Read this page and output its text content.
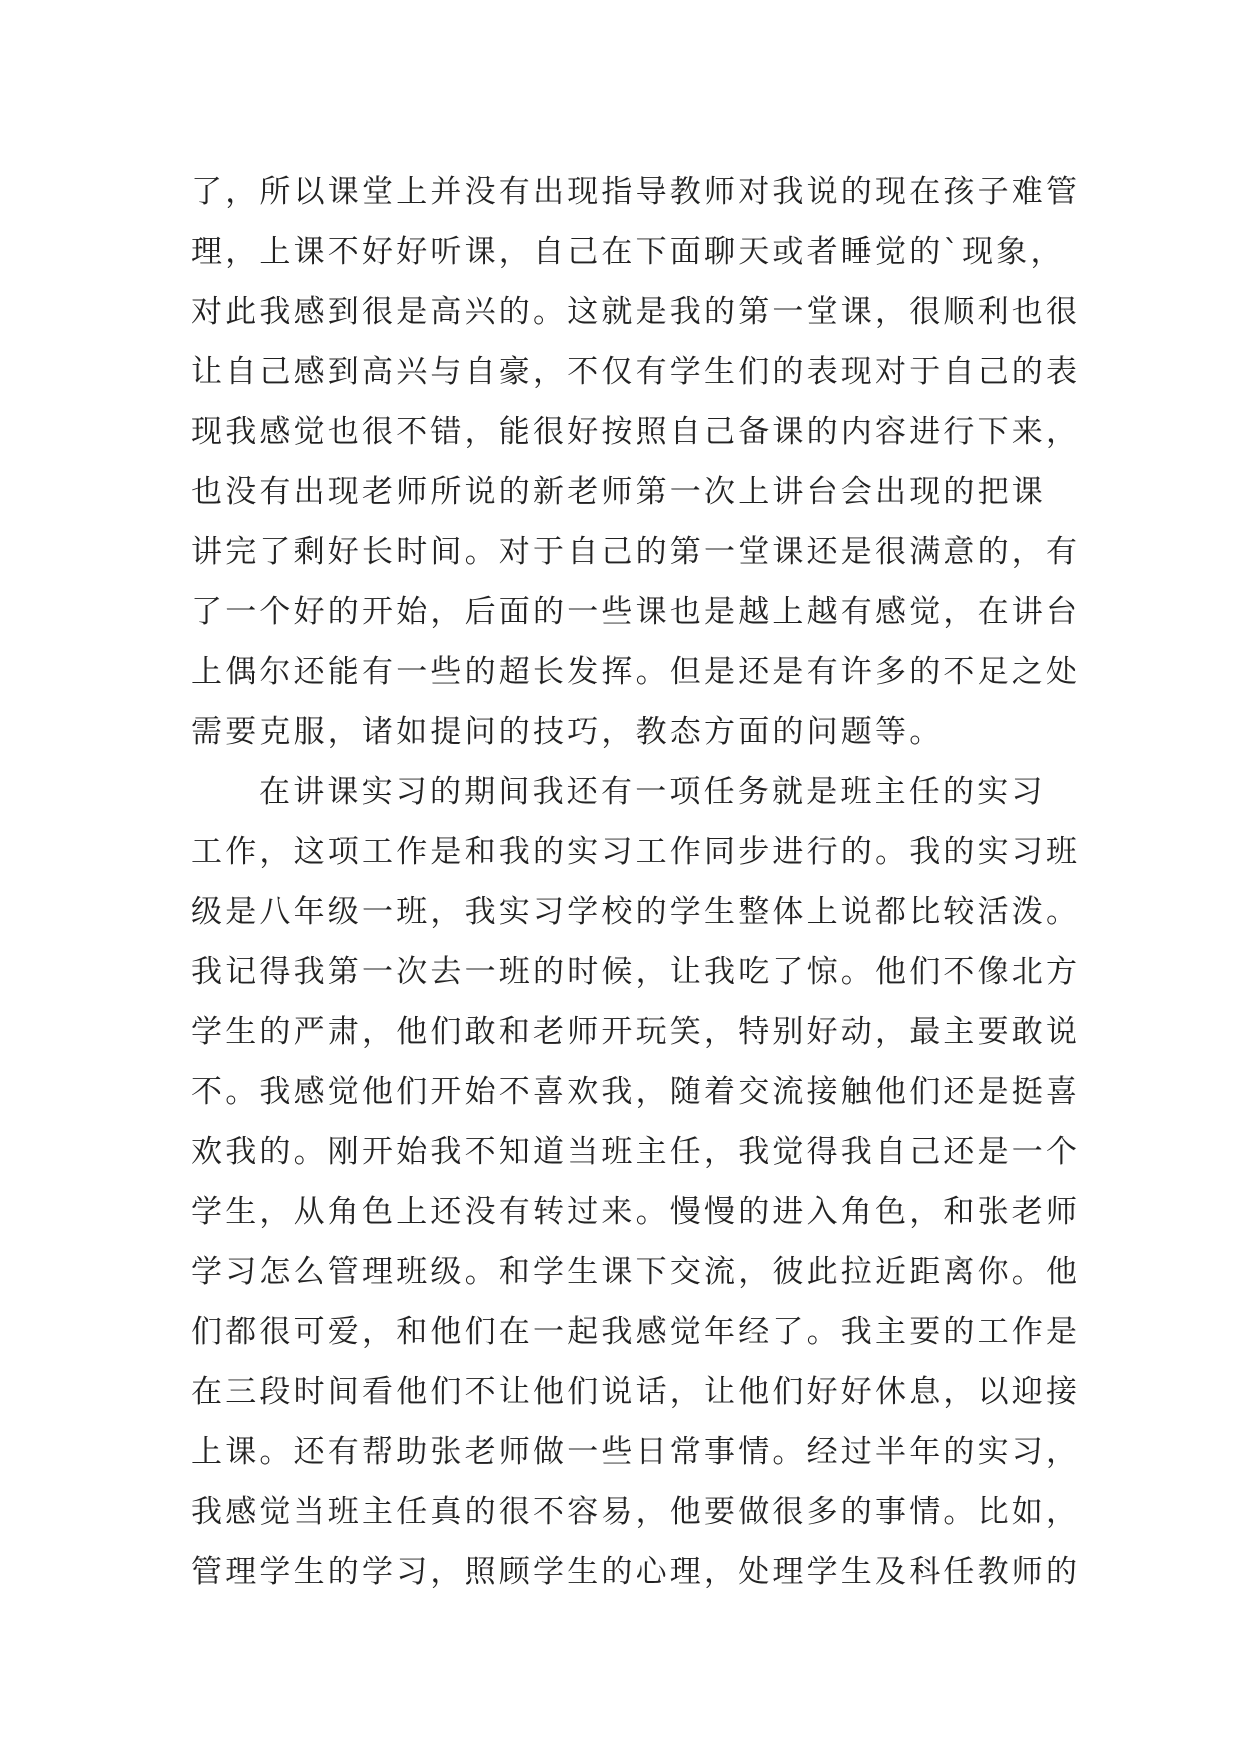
了，所以课堂上并没有出现指导教师对我说的现在孩子难管
理，上课不好好听课，自己在下面聊天或者睡觉的`现象，
对此我感到很是高兴的。这就是我的第一堂课，很顺利也很
让自己感到高兴与自豪，不仅有学生们的表现对于自己的表
现我感觉也很不错，能很好按照自己备课的内容进行下来，
也没有出现老师所说的新老师第一次上讲台会出现的把课
讲完了剩好长时间。对于自己的第一堂课还是很满意的，有
了一个好的开始，后面的一些课也是越上越有感觉，在讲台
上偶尔还能有一些的超长发挥。但是还是有许多的不足之处
需要克服，诸如提问的技巧，教态方面的问题等。
在讲课实习的期间我还有一项任务就是班主任的实习
工作，这项工作是和我的实习工作同步进行的。我的实习班
级是八年级一班，我实习学校的学生整体上说都比较活泼。
我记得我第一次去一班的时候，让我吃了惊。他们不像北方
学生的严肃，他们敢和老师开玩笑，特别好动，最主要敢说
不。我感觉他们开始不喜欢我，随着交流接触他们还是挺喜
欢我的。刚开始我不知道当班主任，我觉得我自己还是一个
学生，从角色上还没有转过来。慢慢的进入角色，和张老师
学习怎么管理班级。和学生课下交流，彼此拉近距离你。他
们都很可爱，和他们在一起我感觉年经了。我主要的工作是
在三段时间看他们不让他们说话，让他们好好休息，以迎接
上课。还有帮助张老师做一些日常事情。经过半年的实习，
我感觉当班主任真的很不容易，他要做很多的事情。比如，
管理学生的学习，照顾学生的心理，处理学生及科任教师的
